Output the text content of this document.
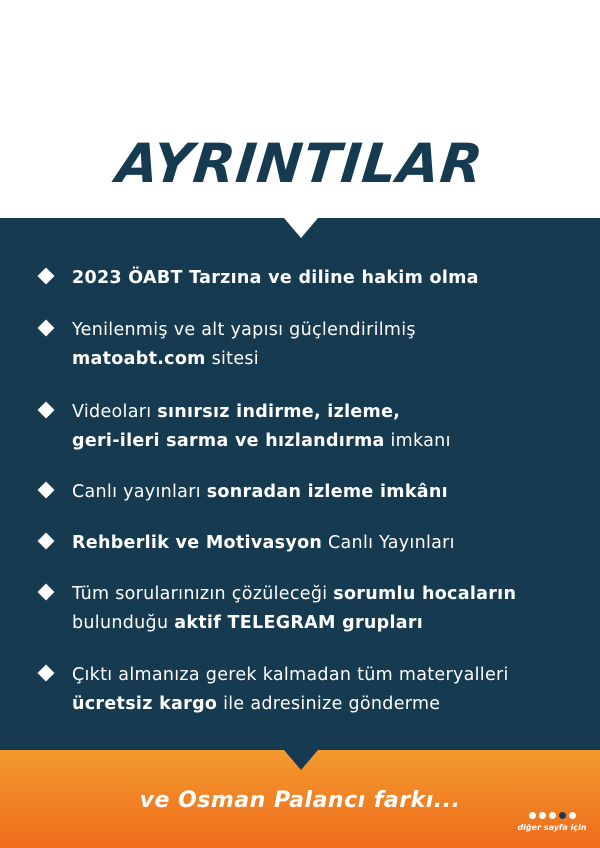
AYRINTILAR
2023 ÖABT Tarzına ve diline hakim olma
Yenilenmiş ve alt yapısı güçlendirilmiş
matoabt.com sitesi
Videoları sınırsız indirme, izleme,
geri-ileri sarma ve hızlandırma imkanı
Canlı yayınları sonradan izleme imkânı
Rehberlik ve Motivasyon Canlı Yayınları
Tüm sorularınızın çözüleceği sorumlu hocaların
bulunduğu aktif TELEGRAM grupları
Çıktı almanıza gerek kalmadan tüm materyalleri
ücretsiz kargo ile adresinize gönderme
ve Osman Palancı farkı...
diğer sayfa için
